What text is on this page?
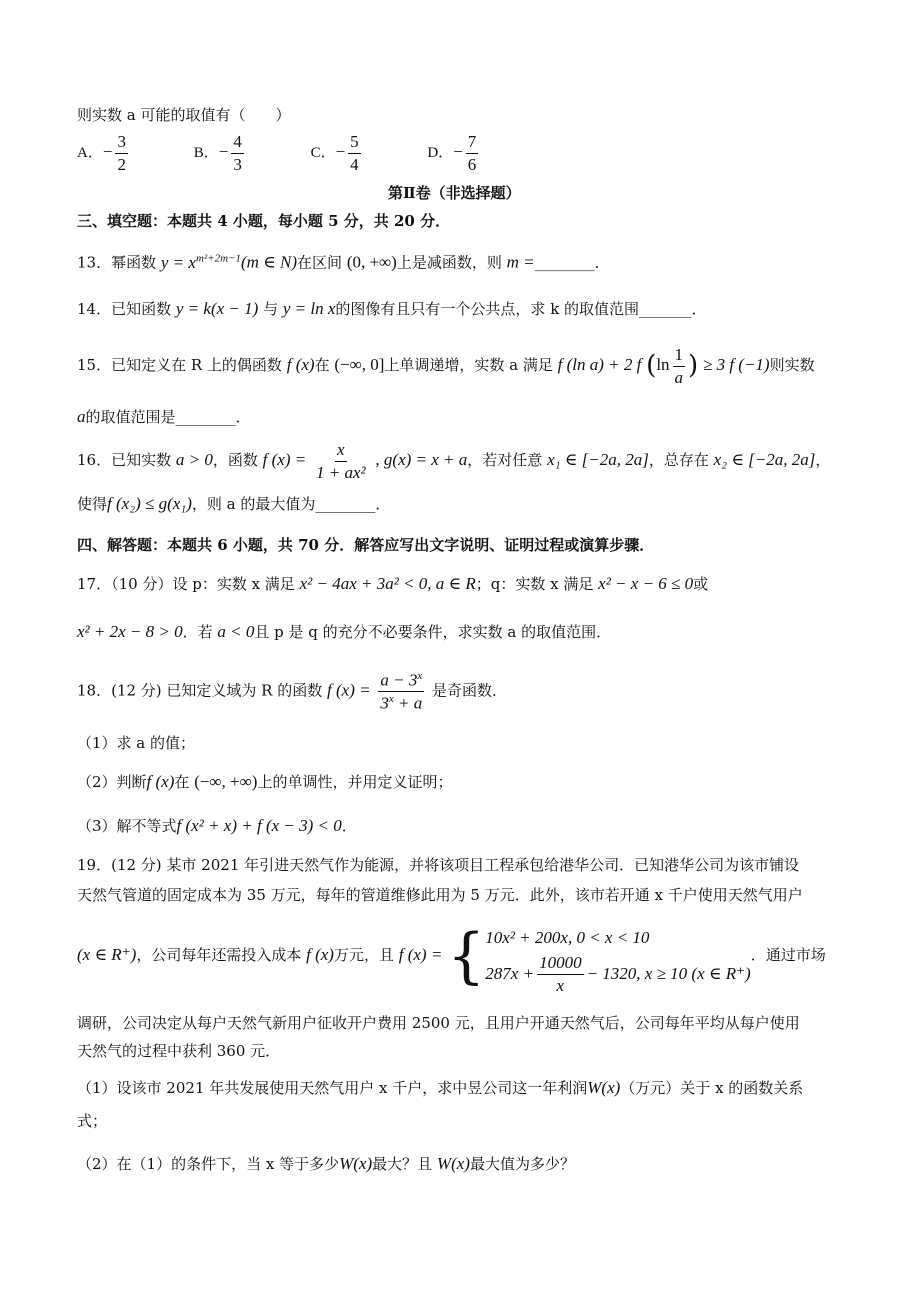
则实数 a 可能的取值有（　　）
A．− $\frac{3}{2}$	B．− $\frac{4}{3}$	C．− $\frac{5}{4}$	D．− $\frac{7}{6}$
第Ⅱ卷（非选择题）
三、填空题：本题共 4 小题，每小题 5 分，共 20 分．
13．幂函数 $y = x^{m^2+2m-1}(m$ ∈ N)在区间 (0, +∞)上是减函数，则 m =________．
14．已知函数 y = k(x − 1) 与 y = ln x的图像有且只有一个公共点，求 k 的取值范围_______．
15．已知定义在 R 上的偶函数 f (x)在 (−∞, 0]上单调递增，实数 a 满足 f (ln a) + 2 f ($\ln \frac{1}{a}$ ) ≥ 3 f (−1)则实数
a的取值范围是________．
16．已知实数 a > 0，函数 f $(x) = \frac{x}{\text{1 + ax²}}$ , g(x) = x + a，若对任意 x₁ ∈ [−2a, 2a]，总存在 x₂ ∈ [−2a, 2a]，
使得f (x₂) ≤ g(x₁)，则 a 的最大值为________．
四、解答题：本题共 6 小题，共 70 分．解答应写出文字说明、证明过程或演算步骤．
17．（10 分）设 p：实数 x 满足 x² − 4ax + 3a² < 0, a ∈ R；q：实数 x 满足 x² − x − 6 ≤ 0或
x² + 2x − 8 > 0．若 a < 0且 p 是 q 的充分不必要条件，求实数 a 的取值范围．
18．(12 分) 已知定义域为 R 的函数 f $(x) = \frac{a - 3^x}{3^x + a}$ 是奇函数．
（1）求 a 的值；
（2）判断f (x)在 (−∞, +∞)上的单调性，并用定义证明；
（3）解不等式f (x² + x) + f (x − 3) < 0．
19．(12 分) 某市 2021 年引进天然气作为能源，并将该项目工程承包给港华公司．已知港华公司为该市铺设
天然气管道的固定成本为 35 万元，每年的管道维修此用为 5 万元．此外，该市若开通 x 千户使用天然气用户
(x ∈ R⁺)，公司每年还需投入成本 f (x)万元，且 f (x) = { 10x² + 200x, 0 < x < 10
$287x + \frac{10000}{x} - 1320$, x ≥ 10 (x ∈ R⁺)
．通过市场
调研，公司决定从每户天然气新用户征收开户费用 2500 元，且用户开通天然气后，公司每年平均从每户使用
天然气的过程中获利 360 元．
（1）设该市 2021 年共发展使用天然气用户 x 千户，求中昱公司这一年利润W(x)（万元）关于 x 的函数关系
式；
（2）在（1）的条件下，当 x 等于多少W(x)最大？且 W(x)最大值为多少？
